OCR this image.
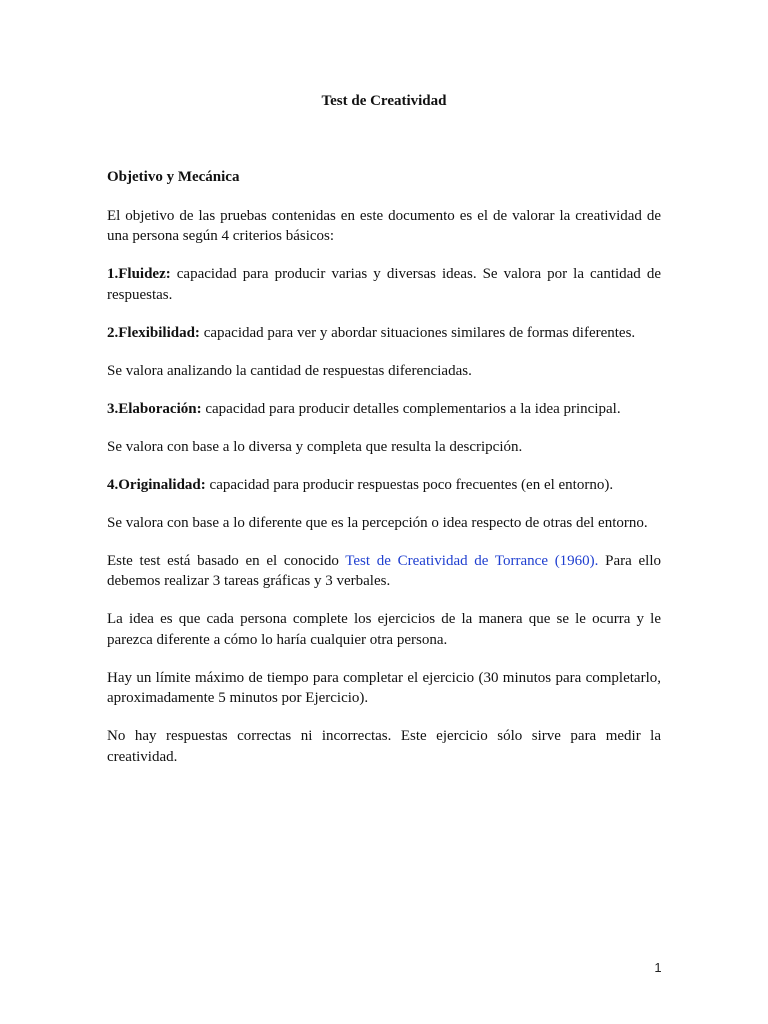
Test de Creatividad

Objetivo y Mecánica

El objetivo de las pruebas contenidas en este documento es el de valorar la creatividad de una persona según 4 criterios básicos:

1.Fluidez: capacidad para producir varias y diversas ideas. Se valora por la cantidad de respuestas.

2.Flexibilidad: capacidad para ver y abordar situaciones similares de formas diferentes.

Se valora analizando la cantidad de respuestas diferenciadas.

3.Elaboración: capacidad para producir detalles complementarios a la idea principal.

Se valora con base a lo diversa y completa que resulta la descripción.

4.Originalidad: capacidad para producir respuestas poco frecuentes (en el entorno).

Se valora con base a lo diferente que es la percepción o idea respecto de otras del entorno.

Este test está basado en el conocido Test de Creatividad de Torrance (1960). Para ello debemos realizar 3 tareas gráficas y 3 verbales.

La idea es que cada persona complete los ejercicios de la manera que se le ocurra y le parezca diferente a cómo lo haría cualquier otra persona.

Hay un límite máximo de tiempo para completar el ejercicio (30 minutos para completarlo, aproximadamente 5 minutos por Ejercicio).

No hay respuestas correctas ni incorrectas. Este ejercicio sólo sirve para medir la creatividad.

1
